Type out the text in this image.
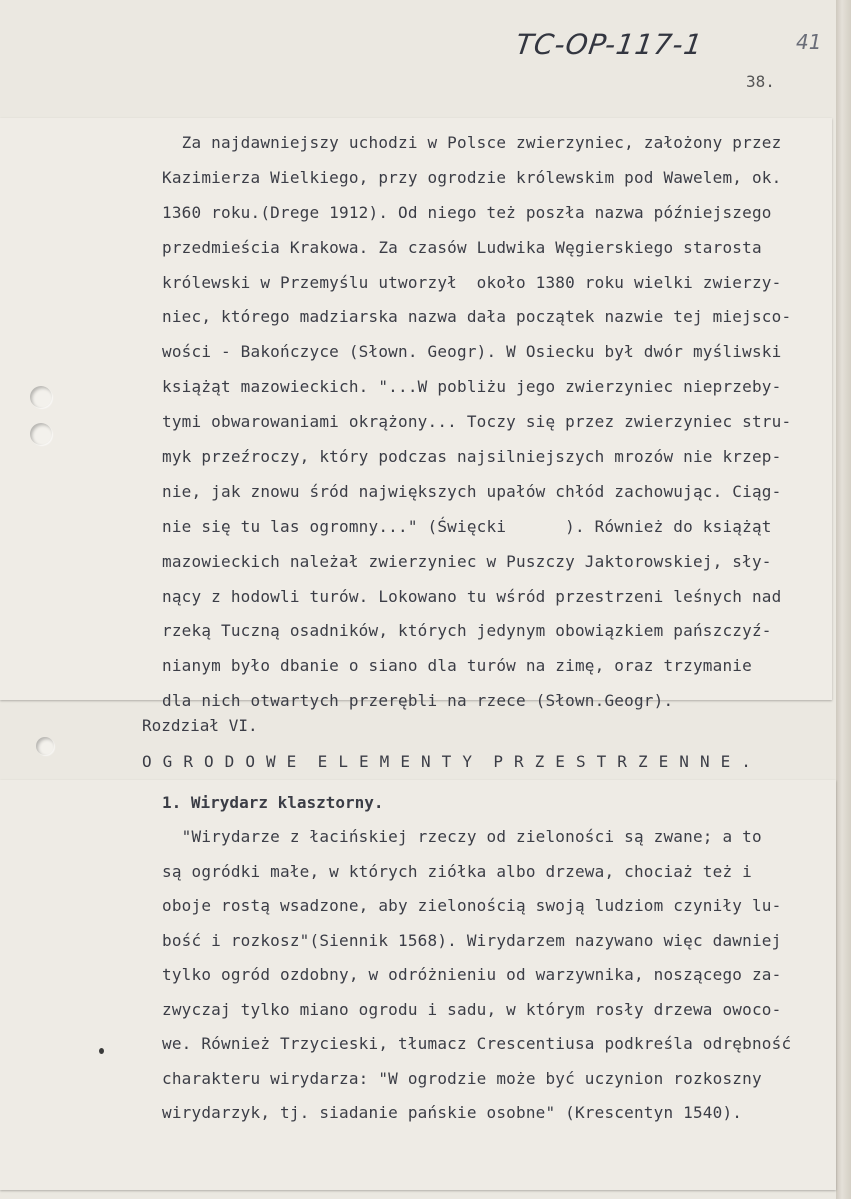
TC-OP-117-1	41
38.
Za najdawniejszy uchodzi w Polsce zwierzyniec, założony przez
Kazimierza Wielkiego, przy ogrodzie królewskim pod Wawelem, ok.
1360 roku.(Drege 1912). Od niego też poszła nazwa późniejszego
przedmieścia Krakowa. Za czasów Ludwika Węgierskiego starosta
królewski w Przemyślu utworzył  około 1380 roku wielki zwierzy-
niec, którego madziarska nazwa dała początek nazwie tej miejsco-
wości - Bakończyce (Słown. Geogr). W Osiecku był dwór myśliwski
książąt mazowieckich. "...W pobliżu jego zwierzyniec nieprzeby-
tymi obwarowaniami okrążony... Toczy się przez zwierzyniec stru-
myk przeźroczy, który podczas najsilniejszych mrozów nie krzep-
nie, jak znowu śród największych upałów chłód zachowując. Ciąg-
nie się tu las ogromny..." (Święcki      ). Również do książąt
mazowieckich należał zwierzyniec w Puszczy Jaktorowskiej, sły-
nący z hodowli turów. Lokowano tu wśród przestrzeni leśnych nad
rzeką Tuczną osadników, których jedynym obowiązkiem pańszczyź-
nianym było dbanie o siano dla turów na zimę, oraz trzymanie
dla nich otwartych przerębli na rzece (Słown.Geogr).
Rozdział VI.
O G R O D O W E  E L E M E N T Y  P R Z E S T R Z E N N E .
1. Wirydarz klasztorny.
"Wirydarze z łacińskiej rzeczy od zieloności są zwane; a to
są ogródki małe, w których ziółka albo drzewa, chociaż też i
oboje rostą wsadzone, aby zielonością swoją ludziom czyniły lu-
bość i rozkosz"(Siennik 1568). Wirydarzem nazywano więc dawniej
tylko ogród ozdobny, w odróżnieniu od warzywnika, noszącego za-
zwyczaj tylko miano ogrodu i sadu, w którym rosły drzewa owoco-
we. Również Trzycieski, tłumacz Crescentiusa podkreśla odrębność
charakteru wirydarza: "W ogrodzie może być uczynion rozkoszny
wirydarzyk, tj. siadanie pańskie osobne" (Krescentyn 1540).
